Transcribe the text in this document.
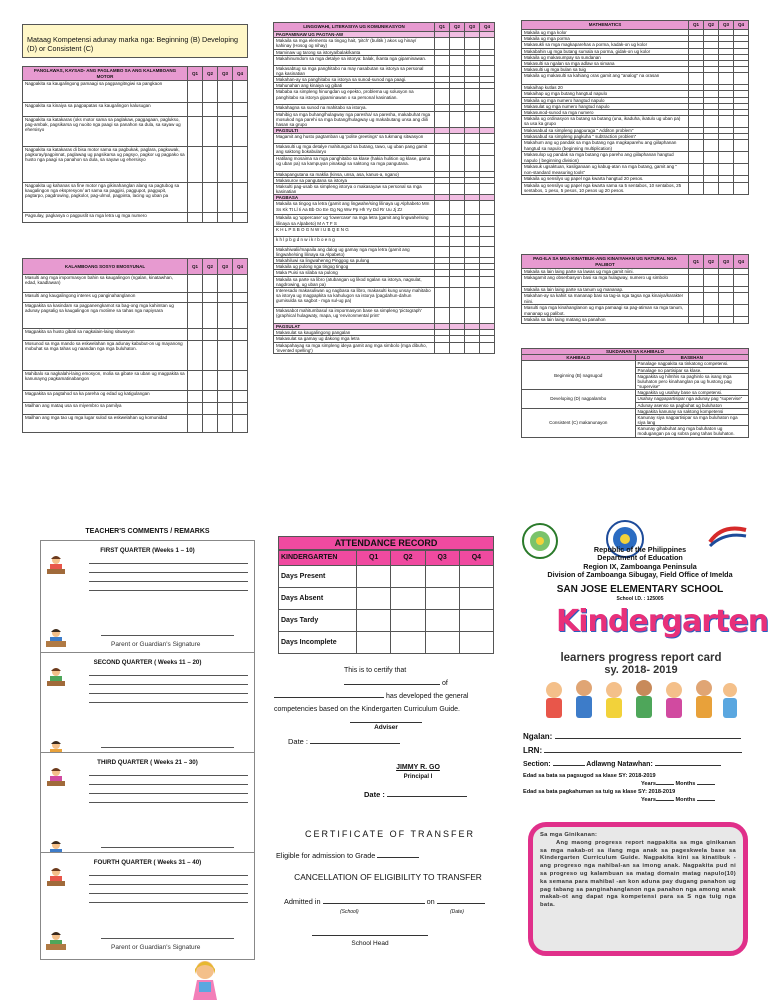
Mataag Kompetensi adunay marka nga: Beginning (B) Developing (D) or Consistent (C)
PANGLAWAS, KAYSAD- ANG PAGLAMBO SA ANG KALAMBOANG MOTOR	Q1	Q2	Q3	Q4
Nagpakita sa kaugalingong pamaagi sa pagpangitngiwi sa pangkaon				
Nagpakita sa kinaiya sa pagpapatas sa kaugalingon kalusugan				
Nagpakita sa katakaras (oks motor sama sa paglakaw, paggagaan, paglukso, pag-ambak, pagsikarsa ug nuoito nga paagi sa panahon sa dula, sa sayaw ug ehersisyo				
Nagpakita sa katakaras di bisa motor sama sa pagbukak, paglara, pagkuwak, pagkuray/pagpinnat, paglawag ug pagsikarsa ug pagsyo, pagkor ug pagpako sa husto nga paagi sa panahon sa dula, sa sayaw ug ehersisyo				
Nagpakita ug kahanas sa fine motor nga gikinahanglan alang sa pagtubog sa kaugalingon nga ekspresyon/ art sama sa paggisi, paggupot, paggupit, pagtarpo, pagdrowing, pagkolor, pag-ulmol, pagpinta, lacing ug uban pa				
Pagsulay, pagkasya o pagpuslit sa mga letra ug mga numero				
KALAMBOANG SOSYO EMOSYUNAL	Q1	Q2	Q3	Q4
Masulti ang mga impormasyon bahin sa kaugalingon (ngalan, kinatawhan, edad, kaadlawan)				
Masulti ang kaugalingong interes ug panginahanglanon				
Magpakita sa kasindam sa pagpanengkamot sa bag-ong mga kahimtan ug adunay pagsalig sa kaugalingon nga motiime sa tahas nga napiysara				
Magpakita sa husto gibati sa nagkalain-laing sitwasyon				
Mosunod sa mga mando sa eskwelahan nga adunay kabubut-on ug mayanong mobuhat sa mga tahas ug naandan nga mga buluhaton.				
Mahibalo sa nagkalahi-laing emosyon, molia sa gibate sa uban ug magpakita sa kanunayng pagkamatinabangon				
Magpakita sa pagtahod sa ka pareha og edad ug katigulangan				
Mailhan ang mataq usa sa miyembro sa pamilya				
Mailhan ang mga tao ug mga lugar sulod sa eskwelahan ug komunidad				
LINGGWAHI, LITERASIYA UG KOMUNIKASYON	Q1	Q2	Q3	Q4
PAGPAMINAW UG PAGTAN-AW				
Makaila sa mga elemento sa tingog hait, 'pitch' (bulitik ) akos ug hinay/ kahinay (Hosog og nihay)				
Maminaw ug tarong sa istorya/balak/kanta				
Makahinumdom sa mga detalye sa istorya: balak, /kanta nga gipaminawan.				
Makasabtug sa mga panghitabo na may nasabutan sa istorya sa personal nga kasinatian				
Makahan-ay sa panghitabo sa istorya sa sunod-sunod nga paagi.				
Mahunahan ang kinaiya ug gibati				
Mababa sa simpleng hinungdan ug epekto, problema ug solusyon na panghitabo sa istorya gipaminawan o sa personal kasinatian.				
Makahagna sa sunod na mahitabo sa istorya.				
Mahibig sa mga buhang/hulagway nga paresha/ sa paresha, makabuhat mga mosukod nga parehi sa mga butang/hulagway ug makabutang unsa ang diili hasan sa grupo				
PAGSULTI				
Magamit ang husto pagtamban ug 'polite greetings' sa tukmang sitwasyon				
Makasulti ug mga detalye mahitungod sa butang, tawo, ug uban pang gamit ang saktong bokabularyo				
Hatilang mosaima sa mga panghitabo sa klase (hakia hulition og klase, gama ug uban pa) sa kampuyan pinakagi sa saktong sa mga pangutana.				
Makapangutana sa maklia (kinsa, unsa, asa, kanus-a, ngano)				
Makasurov sa pangutana sa istorya				
Maksulti pag-usab sa simpleng istorya o makasayaw sa personal sa mga kasinatian				
PAGBASA				
Makaila sa tingog sa letra (gamit ang lingwahe/sing lilinaya ug Alphabeto Mm Ss Kk Tt Ll Ii Aa Bb Oo Ee Gg Ng Ww Pp Hh Yy Dd Rr Uu Jj Zz				
Makaila ug 'uppercase' ug 'lowercase' na mga letra (gamit ang lingwahe/sing lilinaya sa Alpabeto) M A T F S				
K H L P S B O G N W I U B Q E N G				
k h l p b g d n w i k r b o e n g				
Makahiwalii/mapaila ang dalog ug gamay nga mga letra (gamit ang lingwahe/sing lilinaya sa Alpabeto)				
Makahiluwi sa lingwahenng Pinggog sa pulong				
Makaila ug pulong nga tingog tingog				
Maka Puisi sa silaba sa pulong				
Makaila sa parte sa libro (atubangan ug likod ngalan sa istorya, nagsulat, nagdrowing, ug uban pa)				
Interesado makasuliwan ug nagbasa sa libro, makasulti kung unsay mahitabo sa istorya ug magpapkita sa kahulugon sa istorya (pagdahun-dahun gumisulda sa sagbot - mga sul-ug pa)				
Makasabot mahitumbasul sa impormasyon base sa simpleng 'pictograph' (graphical hulagwaty, mapa, ug 'environmental print'				
PAGSULAT				
Makasulat sa kaugalingong pangalan				
Makasulat sa gamay ug dakong mga letra				
Makapahayag sa mga simpleng ideya gamit ang mga simbolo (mga dibuho, 'invented spelling')				
MATHEMATICS	Q1	Q2	Q3	Q4
Makaila ug mga kolor				
Makaila ug mga porma				
Makasukli sa mga magkaparehas a porma, kadak-on ug kolor				
Makabahin ug mga butang sumala sa porma, gidak-on ug kolor				
Makaila ug makasumpay sa sundanan				
Makasulti sa ngalan sa mga adlaw sa simana				
Makasulti ug mga bulan sa tuig				
Makaila ug makasulti sa kahiang oras gamit ang "analog" na orasan				
Makaihap kutlas 20				
Makaihap ug mga butang hangtud napulo				
Makaila ug mga numero hangtud napulo				
Makasulat ug mga numero hangtud napulo				
Makasunod-sunod sa mga numero				
Makaila ug ordinasyon sa butang sa butang (una, ikaduha, ikatulo ug uban pa) sa usa ka grupo				
Makasabud sa simpleng pagpuraga " Additon problem"				
Makasabud sa simpleng pagkuha " subtraction problem"				
Makahum ang ug pandak sa mga butang nga magkaparehu ang giilaphanan hangtud sa napulo (beginning multiplication)				
Makasulop ug pandak sa mga butang nga pareho ang giilaphanan hangtud napulo ( beginning division)				
Makasuk ugsaktuan, kasilganaan ug kabug-atan na mga butang, gamit ang " non-standard measuring tools"				
Makaila ug sensilyo ug papel nga kwarta hangtud 20 pesos.				
Makaila ug sensilyo ug papel nga kwarta sama sa 5 sentabos, 10 sentabos, 25 sentabos, 1 peso, 5 pesos, 10 pesos ug 20 pesos.				
PAG-ILA SA MGA KINATBUK-ANG KINAIYAHAN UG NATURAL NGA PALIBOT	Q1	Q2	Q3	Q4
Makaila sa lain laing parte sa lawas ug mga gamit niini.				
Makagamit ang obserbasyon basi sa mga hulagway, numero ug simbolo				
Makaila sa lain laing parte sa tanum ug mananap.				
Makahan-ay sa kahiit sa mananap basi sa tag-ia nga tagsa nga kinaiya/karakter niini.				
Masulti nga mga kinahanglanon ug mga pamaagi sa pag-atiman sa mga tanum, mananap ug palibot.				
Makaila sa lain laing matang sa panahon				
SUKDANAN SA KAHIBALO	
KAHIBALO	BASEHAN
Beginning (B) nagsugod	Panalage nagpakita sa tinkatong competensi.
	Panalage no partisipar sa klase.
	Nagpakita ug hilmhis sa paghinlo sa isang mga buluhaton pero kinahanglan pa ug hustong pag "supervise"
Developing (D) nagpalambo	Nagpakita ug usahay base sa competensi.
	Usahay nagpapartisipar nga adunay pag "supervise"
	Adunay asenso sa pagbuhat ug buluhaton
Consistent (C) makanunayon	Nagpakita kanunay sa saktong kompetensi
	Kanunay siya nagpartisipar sa mga buluhaton nga siya lang
	Kanunay gihabuhat ang mga buluhaton ug modugangan pa og sobra pang tahas buluhaton.
TEACHER'S COMMENTS / REMARKS
FIRST QUARTER (Weeks 1 – 10)
Parent or Guardian's Signature
SECOND QUARTER ( Weeks 11 – 20)
THIRD QUARTER ( Weeks 21 – 30)
FOURTH QUARTER ( Weeks 31 – 40)
Parent or Guardian's Signature
ATTENDANCE RECORD
KINDERGARTEN	Q1	Q2	Q3	Q4
Days Present				
Days Absent				
Days Tardy				
Days Incomplete				
This is to certify that  of
has developed the general
competencies based on the Kindergarten Curriculum Guide.
Adviser
Date :
JIMMY R. GO
Principal I
Date :
CERTIFICATE OF TRANSFER
Eligible for admission to Grade
CANCELLATION OF ELIGIBILITY TO TRANSFER
Admitted in	on
(School)	(Date)
School Head
Republic of the Philippines
Department of Education
Region IX, Zamboanga Peninsula
Division of Zamboanga Sibugay, Field Office of Imelda
SAN JOSE ELEMENTARY SCHOOL
School I.D. : 125005
Kindergarten
learners progress report card
sy. 2018- 2019
Ngalan:
LRN:
Section:	Adlawng Natawhan:
Edad sa bata sa pagsugod sa klase SY: 2018-2019
Years	Months
Edad sa bata pagkahuman sa tuig sa klase SY: 2018-2019
Years	Months
Sa mga Ginikanan:
Ang maong progress report nagpakita sa mga ginikanan sa mga nakab-ot sa ilang mga anak sa pageskwela base sa Kindergarten Curriculum Guide. Nagpakita kini sa kinatibuk - ang progreso nga nahibal-an sa imong anak. Nagpakita pud ni sa progreso ug kalambuan sa matag domain matag napulo(10) ka semana para mahibal -an kon aduna pay dugang panahon ug pag tabang sa panginahanglanon nga panahon nga among anak makab-ot ang dapat nga kompetensi para sa S nga tuig nga bata.
